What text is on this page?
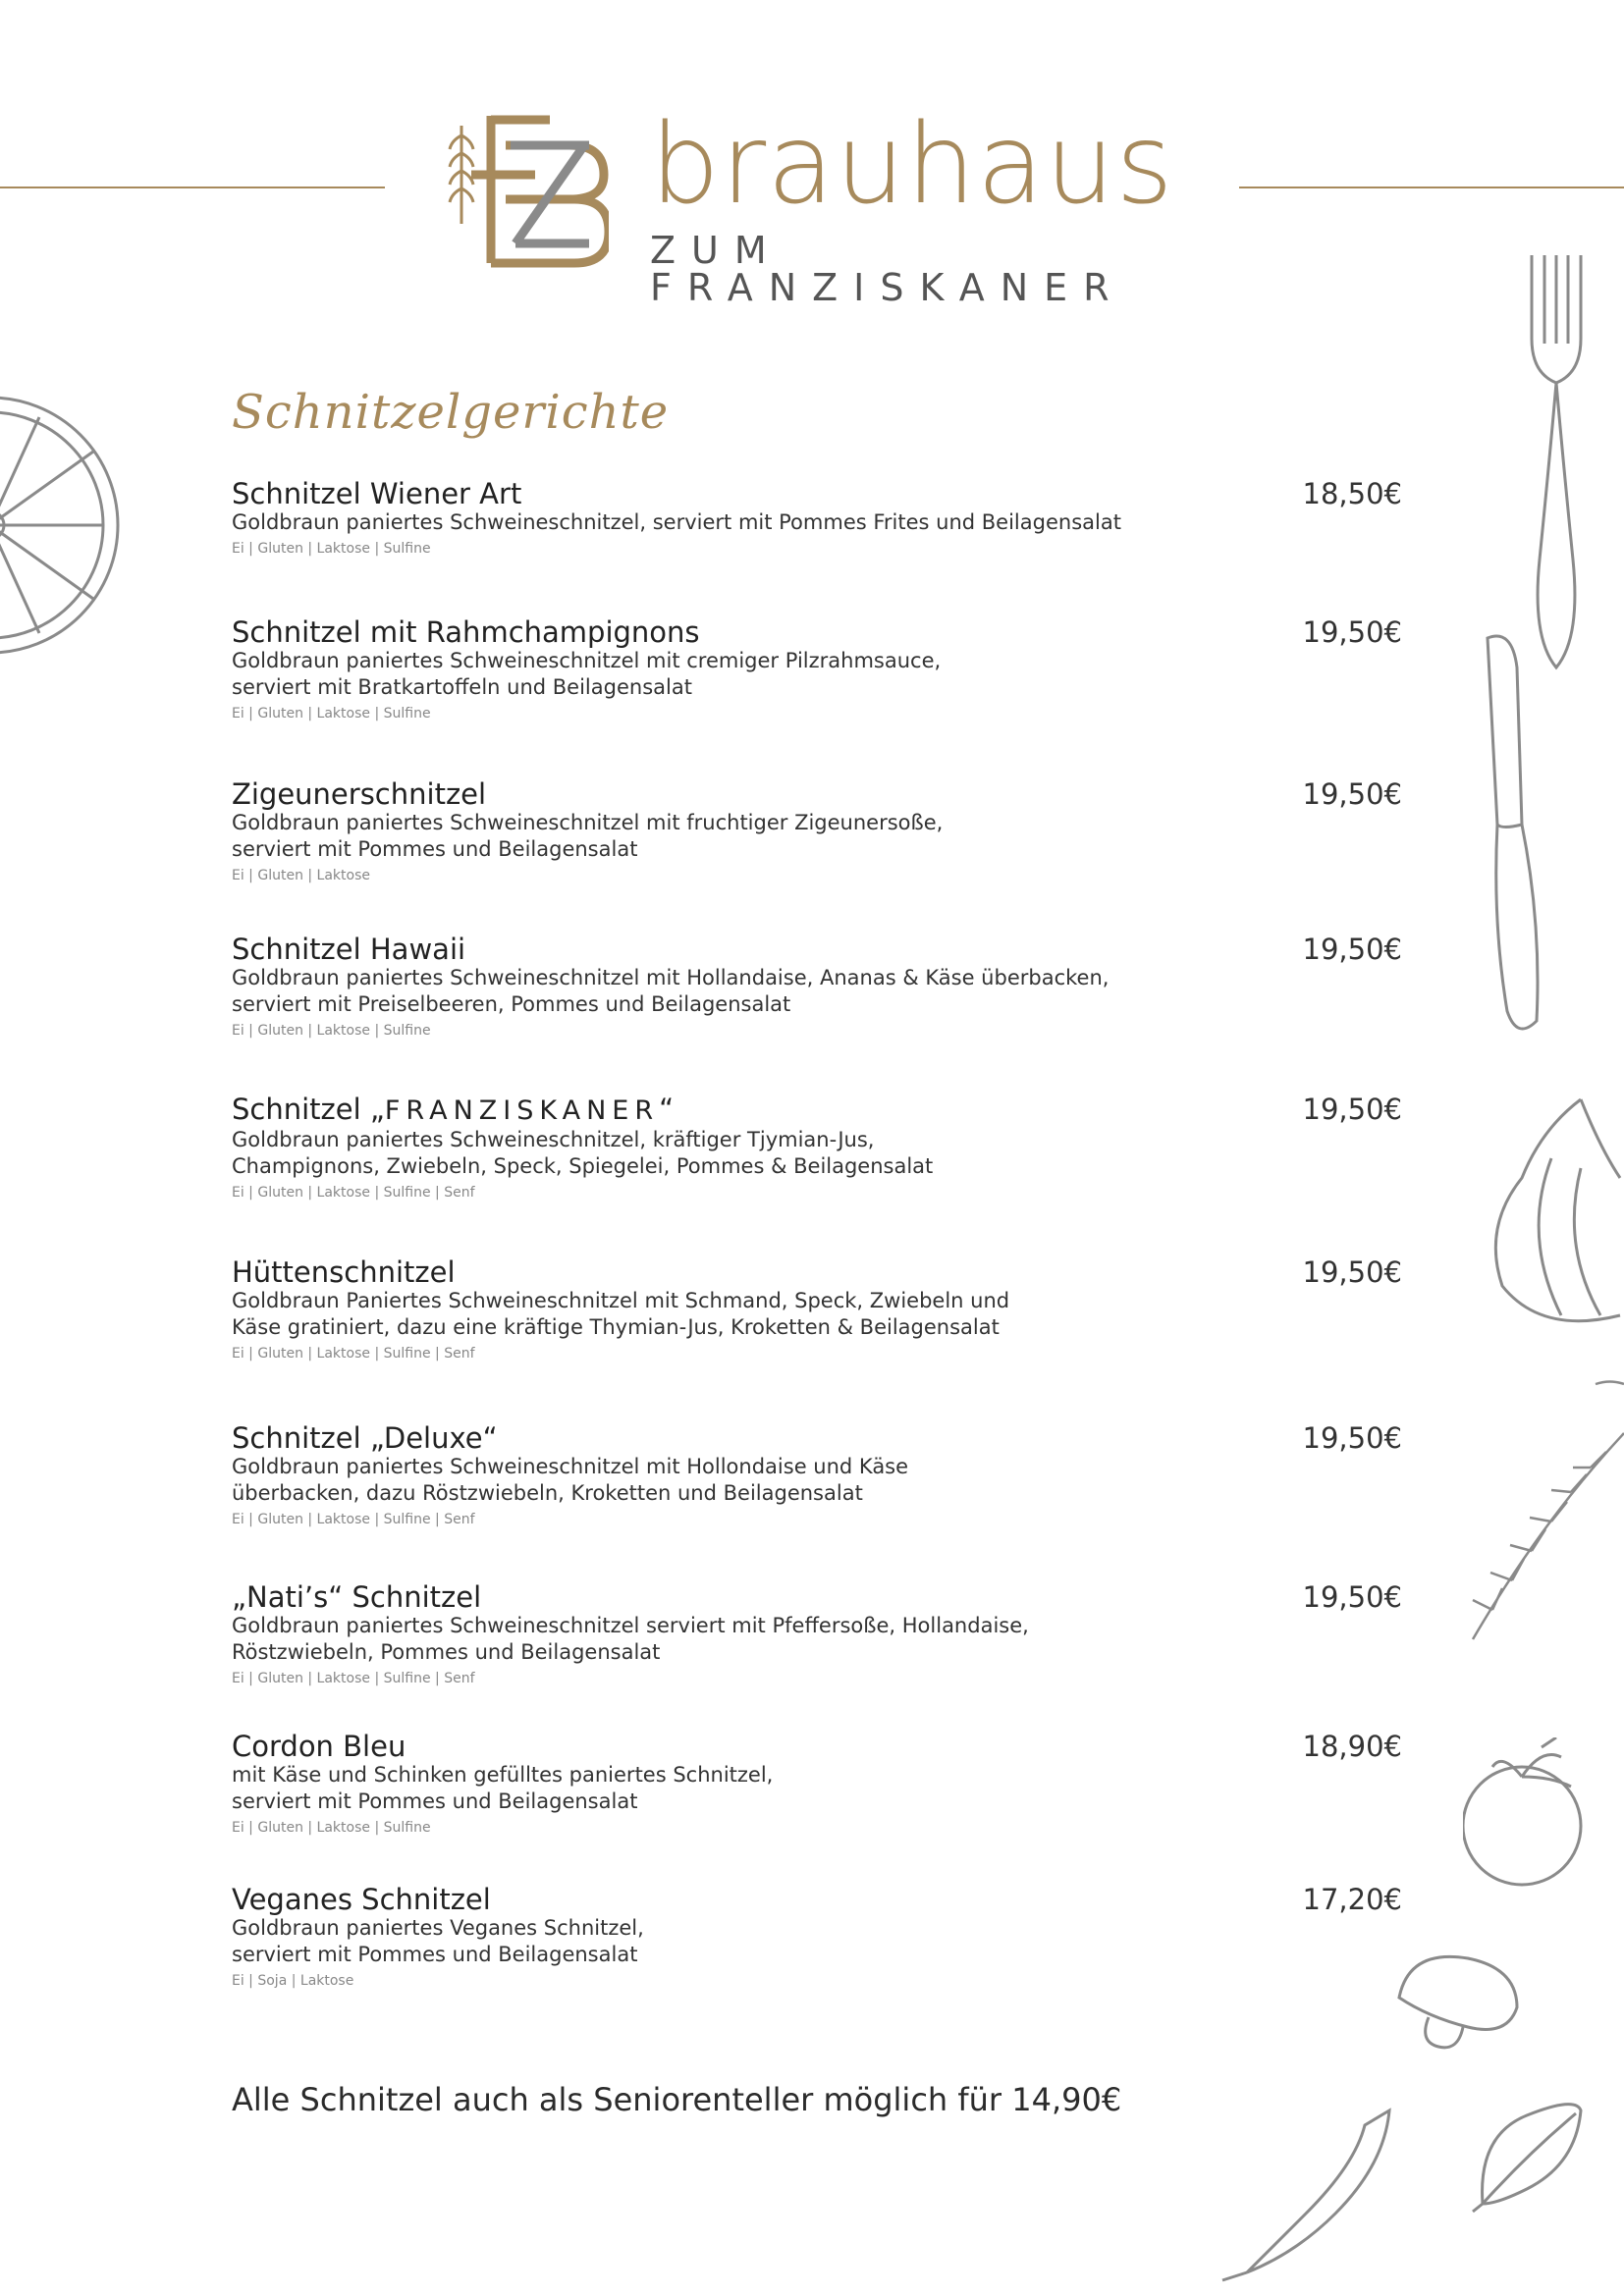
brauhaus
ZUM FRANZISKANER
Schnitzelgerichte
Schnitzel Wiener Art	18,50€
Goldbraun paniertes Schweineschnitzel, serviert mit Pommes Frites und Beilagensalat
Ei | Gluten | Laktose | Sulfine
Schnitzel mit Rahmchampignons	19,50€
Goldbraun paniertes Schweineschnitzel mit cremiger Pilzrahmsauce,
serviert mit Bratkartoffeln und Beilagensalat
Ei | Gluten | Laktose | Sulfine
Zigeunerschnitzel	19,50€
Goldbraun paniertes Schweineschnitzel mit fruchtiger Zigeunersoße,
serviert mit Pommes und Beilagensalat
Ei | Gluten | Laktose
Schnitzel Hawaii	19,50€
Goldbraun paniertes Schweineschnitzel mit Hollandaise, Ananas & Käse überbacken,
serviert mit Preiselbeeren, Pommes und Beilagensalat
Ei | Gluten | Laktose | Sulfine
Schnitzel „FRANZISKANER“	19,50€
Goldbraun paniertes Schweineschnitzel, kräftiger Tjymian-Jus,
Champignons, Zwiebeln, Speck, Spiegelei, Pommes & Beilagensalat
Ei | Gluten | Laktose | Sulfine | Senf
Hüttenschnitzel	19,50€
Goldbraun Paniertes Schweineschnitzel mit Schmand, Speck, Zwiebeln und
Käse gratiniert, dazu eine kräftige Thymian-Jus, Kroketten & Beilagensalat
Ei | Gluten | Laktose | Sulfine | Senf
Schnitzel „Deluxe“	19,50€
Goldbraun paniertes Schweineschnitzel mit Hollondaise und Käse
überbacken, dazu Röstzwiebeln, Kroketten und Beilagensalat
Ei | Gluten | Laktose | Sulfine | Senf
„Nati’s“ Schnitzel	19,50€
Goldbraun paniertes Schweineschnitzel serviert mit Pfeffersoße, Hollandaise,
Röstzwiebeln, Pommes und Beilagensalat
Ei | Gluten | Laktose | Sulfine | Senf
Cordon Bleu	18,90€
mit Käse und Schinken gefülltes paniertes Schnitzel,
serviert mit Pommes und Beilagensalat
Ei | Gluten | Laktose | Sulfine
Veganes Schnitzel	17,20€
Goldbraun paniertes Veganes Schnitzel,
serviert mit Pommes und Beilagensalat
Ei | Soja | Laktose
Alle Schnitzel auch als Seniorenteller möglich für 14,90€
